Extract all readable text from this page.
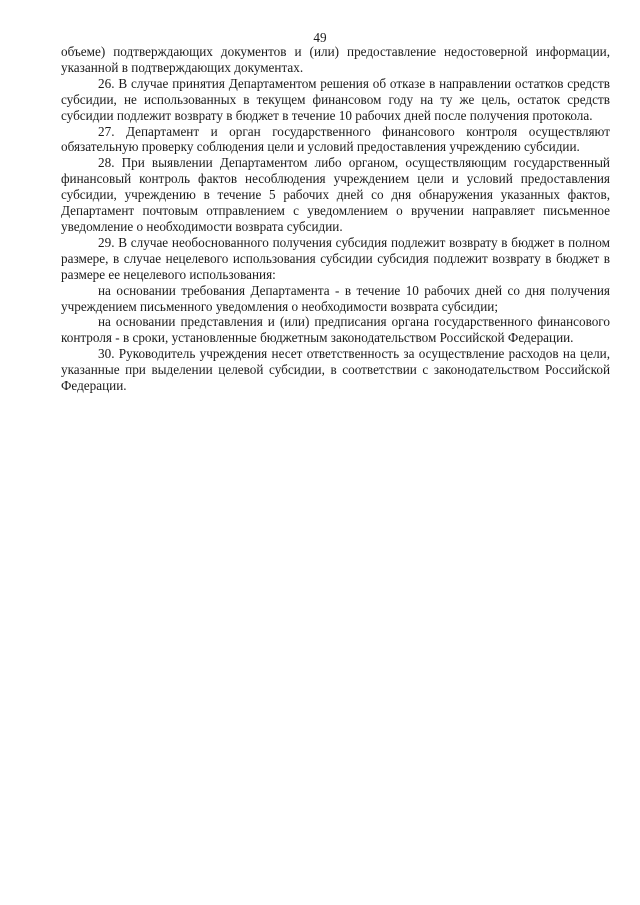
49

объеме) подтверждающих документов и (или) предоставление недостоверной информации, указанной в подтверждающих документах.

26. В случае принятия Департаментом решения об отказе в направлении остатков средств субсидии, не использованных в текущем финансовом году на ту же цель, остаток средств субсидии подлежит возврату в бюджет в течение 10 рабочих дней после получения протокола.

27. Департамент и орган государственного финансового контроля осуществляют обязательную проверку соблюдения цели и условий предоставления учреждению субсидии.

28. При выявлении Департаментом либо органом, осуществляющим государственный финансовый контроль фактов несоблюдения учреждением цели и условий предоставления субсидии, учреждению в течение 5 рабочих дней со дня обнаружения указанных фактов, Департамент почтовым отправлением с уведомлением о вручении направляет письменное уведомление о необходимости возврата субсидии.

29. В случае необоснованного получения субсидия подлежит возврату в бюджет в полном размере, в случае нецелевого использования субсидии субсидия подлежит возврату в бюджет в размере ее нецелевого использования:

на основании требования Департамента - в течение 10 рабочих дней со дня получения учреждением письменного уведомления о необходимости возврата субсидии;

на основании представления и (или) предписания органа государственного финансового контроля - в сроки, установленные бюджетным законодательством Российской Федерации.

30. Руководитель учреждения несет ответственность за осуществление расходов на цели, указанные при выделении целевой субсидии, в соответствии с законодательством Российской Федерации.
